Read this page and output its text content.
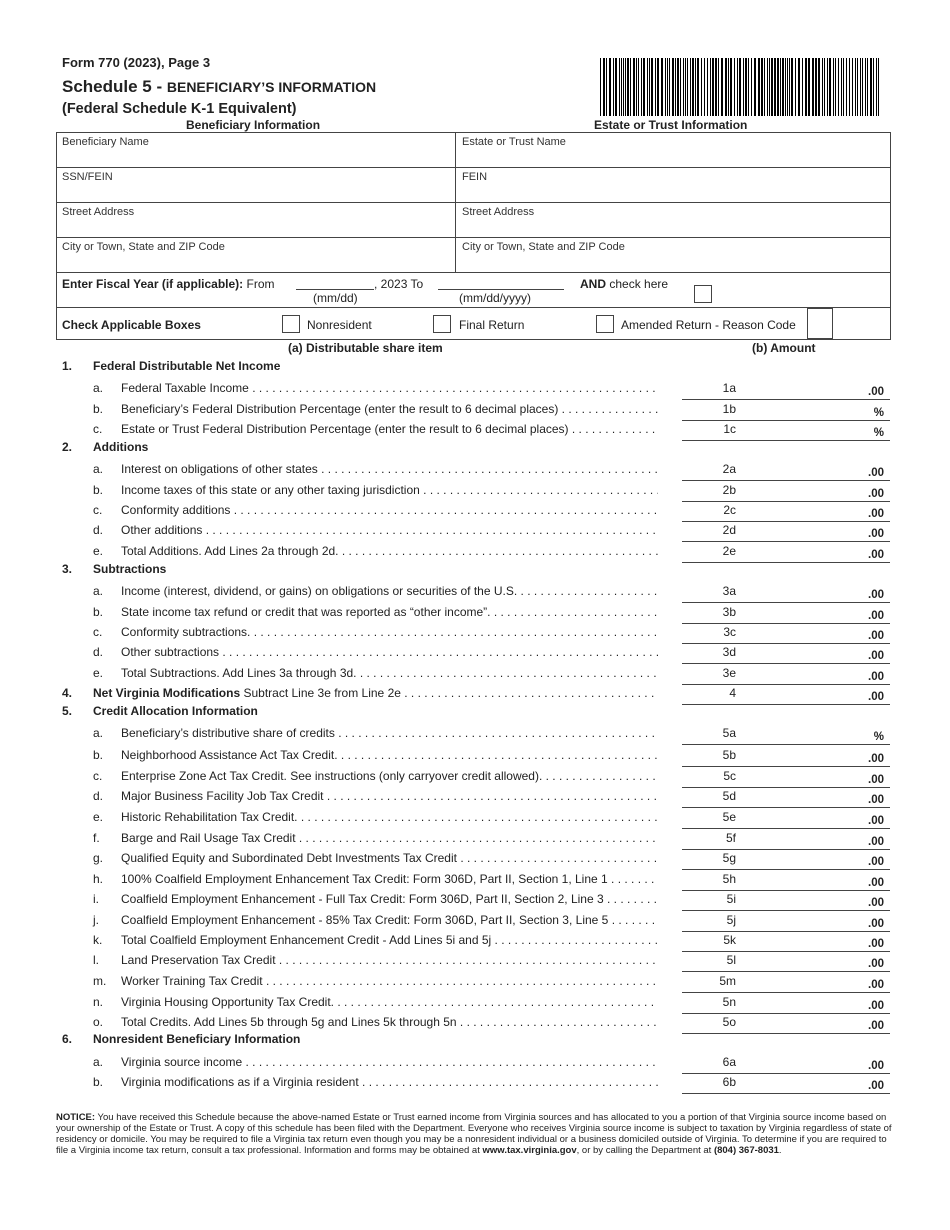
Form 770 (2023), Page 3
Schedule 5 - BENEFICIARY’S INFORMATION
(Federal Schedule K-1 Equivalent)
Beneficiary Information	Estate or Trust Information
Beneficiary Name	Estate or Trust Name
SSN/FEIN	FEIN
Street Address	Street Address
City or Town, State and ZIP Code	City or Town, State and ZIP Code
Enter Fiscal Year (if applicable): From	, 2023 To
(mm/dd)	(mm/dd/yyyy)
AND check here
Check Applicable Boxes	Nonresident	Final Return	Amended Return - Reason Code
(a) Distributable share item	(b) Amount
1. Federal Distributable Net Income
2. Additions
3. Subtractions
5. Credit Allocation Information
6. Nonresident Beneficiary Information
a. Federal Taxable Income . . .	1a	.00
b. Beneficiary’s Federal Distribution Percentage (enter the result to 6 decimal places) . . .	1b	%
c. Estate or Trust Federal Distribution Percentage (enter the result to 6 decimal places) . . .	1c	%
a. Interest on obligations of other states . . .	2a	.00
b. Income taxes of this state or any other taxing jurisdiction . . .	2b	.00
c. Conformity additions . . .	2c	.00
d. Other additions . . .	2d	.00
e. Total Additions. Add Lines 2a through 2d. . . .	2e	.00
a. Income (interest, dividend, or gains) on obligations or securities of the U.S. . . .	3a	.00
b. State income tax refund or credit that was reported as “other income”. . . .	3b	.00
c. Conformity subtractions. . . .	3c	.00
d. Other subtractions . . .	3d	.00
e. Total Subtractions. Add Lines 3a through 3d. . . .	3e	.00
4. Net Virginia Modifications Subtract Line 3e from Line 2e . . .	4	.00
a. Beneficiary’s distributive share of credits . . .	5a	%
b. Neighborhood Assistance Act Tax Credit. . . .	5b	.00
c. Enterprise Zone Act Tax Credit. See instructions (only carryover credit allowed). . . .	5c	.00
d. Major Business Facility Job Tax Credit . . .	5d	.00
e. Historic Rehabilitation Tax Credit. . . .	5e	.00
f. Barge and Rail Usage Tax Credit . . .	5f	.00
g. Qualified Equity and Subordinated Debt Investments Tax Credit . . .	5g	.00
h. 100% Coalfield Employment Enhancement Tax Credit: Form 306D, Part II, Section 1, Line 1 . . .	5h	.00
i. Coalfield Employment Enhancement - Full Tax Credit: Form 306D, Part II, Section 2, Line 3 . . .	5i	.00
j. Coalfield Employment Enhancement - 85% Tax Credit: Form 306D, Part II, Section 3, Line 5 . . .	5j	.00
k. Total Coalfield Employment Enhancement Credit - Add Lines 5i and 5j . . .	5k	.00
l. Land Preservation Tax Credit . . .	5l	.00
m. Worker Training Tax Credit . . .	5m	.00
n. Virginia Housing Opportunity Tax Credit. . . .	5n	.00
o. Total Credits. Add Lines 5b through 5g and Lines 5k through 5n . . .	5o	.00
a. Virginia source income . . .	6a	.00
b. Virginia modifications as if a Virginia resident . . .	6b	.00
NOTICE: You have received this Schedule because the above-named Estate or Trust earned income from Virginia sources and has allocated to you a portion of that Virginia source income based on your ownership of the Estate or Trust. A copy of this schedule has been filed with the Department. Everyone who receives Virginia source income is subject to taxation by Virginia regardless of state of residency or domicile. You may be required to file a Virginia tax return even though you may be a nonresident individual or a business domiciled outside of Virginia. To determine if you are required to file a Virginia income tax return, consult a tax professional. Information and forms may be obtained at www.tax.virginia.gov, or by calling the Department at (804) 367-8031.
